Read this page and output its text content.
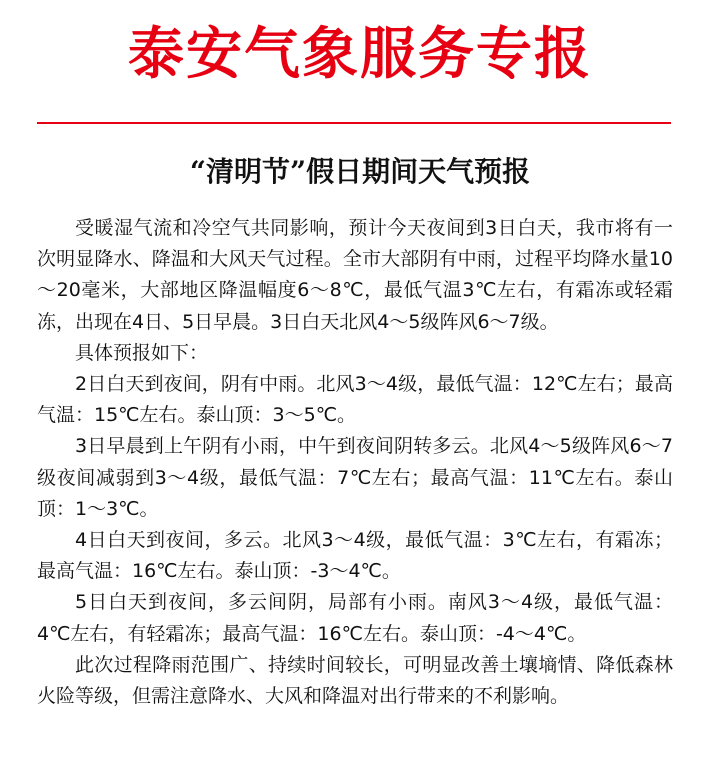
泰安气象服务专报
“清明节”假日期间天气预报

受暖湿气流和冷空气共同影响，预计今天夜间到3日白天，我市将有一次明显降水、降温和大风天气过程。全市大部阴有中雨，过程平均降水量10～20毫米，大部地区降温幅度6～8℃，最低气温3℃左右，有霜冻或轻霜冻，出现在4日、5日早晨。3日白天北风4～5级阵风6～7级。

具体预报如下：

2日白天到夜间，阴有中雨。北风3～4级，最低气温：12℃左右；最高气温：15℃左右。泰山顶：3～5℃。

3日早晨到上午阴有小雨，中午到夜间阴转多云。北风4～5级阵风6～7级夜间减弱到3～4级，最低气温：7℃左右；最高气温：11℃左右。泰山顶：1～3℃。

4日白天到夜间，多云。北风3～4级，最低气温：3℃左右，有霜冻；最高气温：16℃左右。泰山顶：-3～4℃。

5日白天到夜间，多云间阴，局部有小雨。南风3～4级，最低气温：4℃左右，有轻霜冻；最高气温：16℃左右。泰山顶：-4～4℃。

此次过程降雨范围广、持续时间较长，可明显改善土壤墒情、降低森林火险等级，但需注意降水、大风和降温对出行带来的不利影响。
